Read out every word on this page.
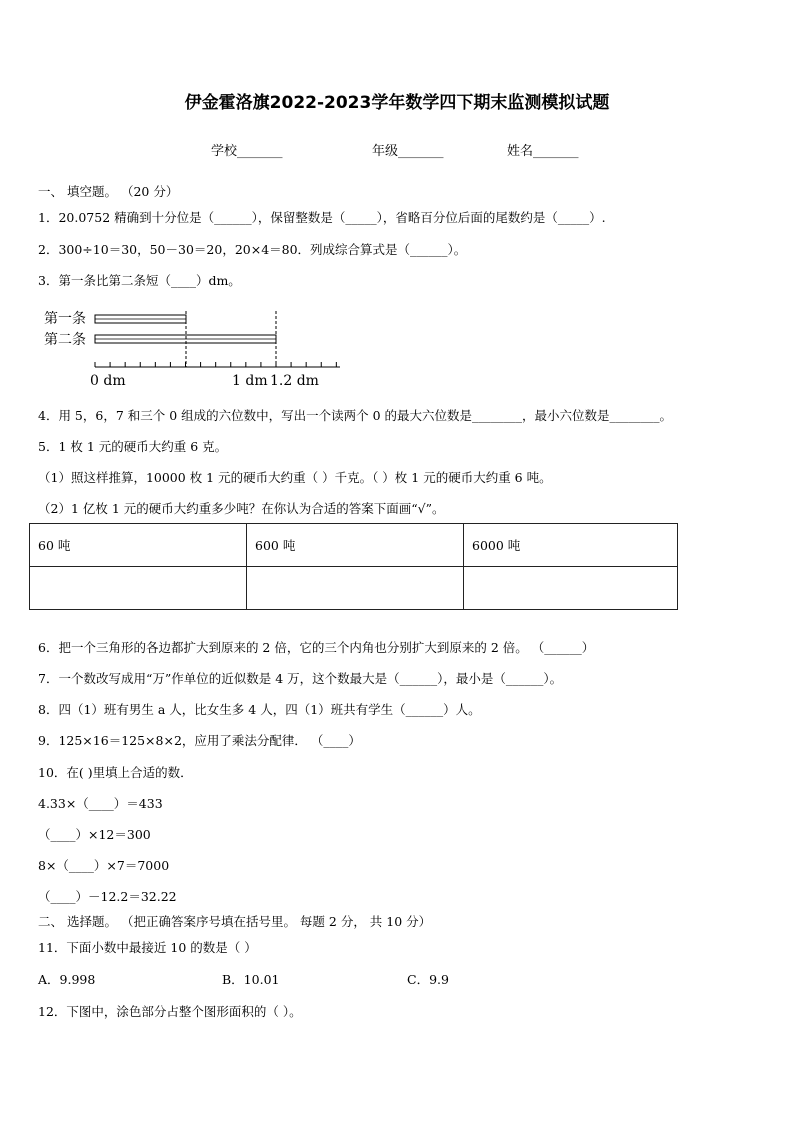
伊金霍洛旗2022-2023学年数学四下期末监测模拟试题
学校_______	年级_______	姓名_______
一、 填空题。 （20 分）
1．20.0752 精确到十分位是（______），保留整数是（_____），省略百分位后面的尾数约是（_____）.
2．300÷10＝30，50－30＝20，20×4＝80．列成综合算式是（______）。
3．第一条比第二条短（____）dm。
第一条
第二条
0 dm	1 dm 1.2 dm
4．用 5，6，7 和三个 0 组成的六位数中，写出一个读两个 0 的最大六位数是________，最小六位数是________。
5．1 枚 1 元的硬币大约重 6 克。
（1）照这样推算，10000 枚 1 元的硬币大约重（ ）千克。（ ）枚 1 元的硬币大约重 6 吨。
（2）1 亿枚 1 元的硬币大约重多少吨？在你认为合适的答案下面画“√”。
60 吨	600 吨	6000 吨

6．把一个三角形的各边都扩大到原来的 2 倍，它的三个内角也分别扩大到原来的 2 倍。 （______）
7．一个数改写成用“万”作单位的近似数是 4 万，这个数最大是（______），最小是（______）。
8．四（1）班有男生 a 人，比女生多 4 人，四（1）班共有学生（______）人。
9．125×16＝125×8×2，应用了乘法分配律． （____）
10．在( )里填上合适的数．
4.33×（____）＝433
（____）×12＝300
8×（____）×7＝7000
（____）－12.2＝32.22
二、 选择题。 （把正确答案序号填在括号里。 每题 2 分， 共 10 分）
11．下面小数中最接近 10 的数是（ ）
A．9.998	B．10.01	C．9.9
12．下图中，涂色部分占整个图形面积的（ ）。
